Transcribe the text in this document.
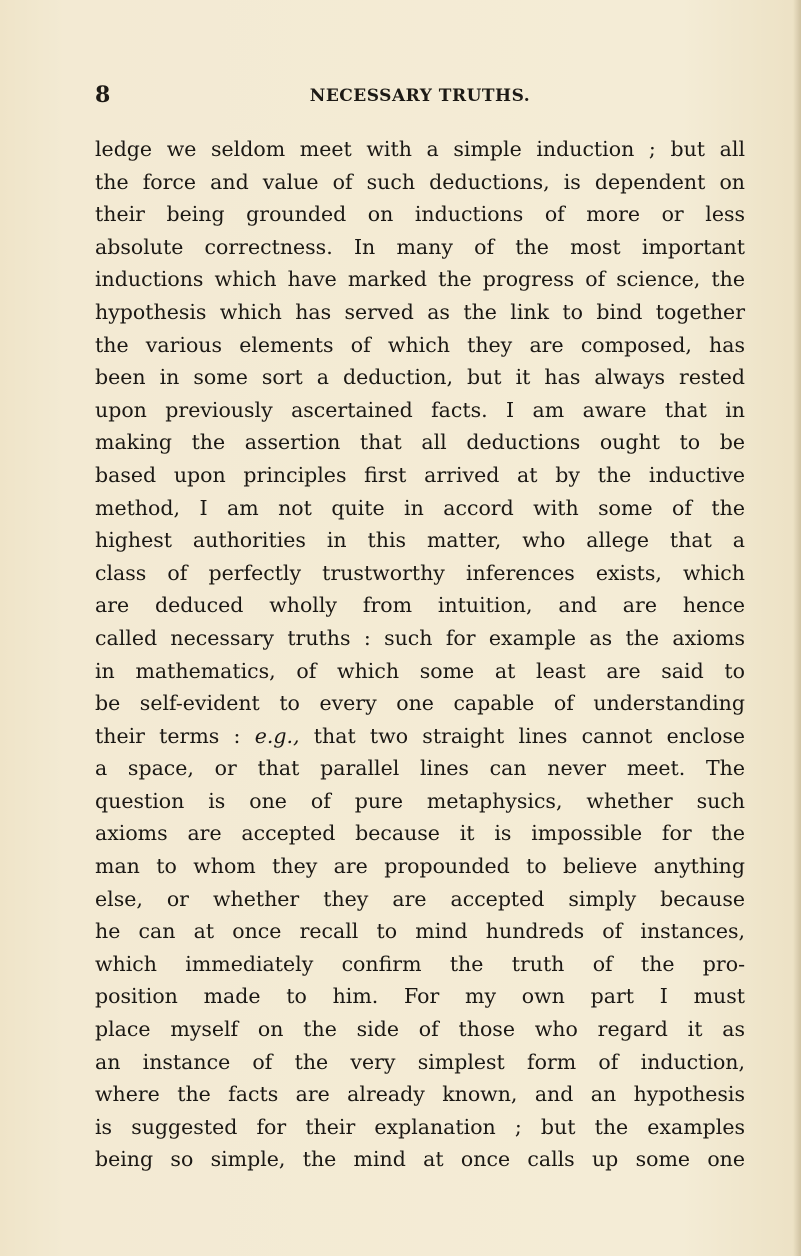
8	NECESSARY TRUTHS.
ledge we seldom meet with a simple induction ; but all
the force and value of such deductions, is dependent on
their being grounded on inductions of more or less
absolute correctness. In many of the most important
inductions which have marked the progress of science, the
hypothesis which has served as the link to bind together
the various elements of which they are composed, has
been in some sort a deduction, but it has always rested
upon previously ascertained facts. I am aware that in
making the assertion that all deductions ought to be
based upon principles first arrived at by the inductive
method, I am not quite in accord with some of the
highest authorities in this matter, who allege that a
class of perfectly trustworthy inferences exists, which
are deduced wholly from intuition, and are hence
called necessary truths : such for example as the axioms
in mathematics, of which some at least are said to
be self-evident to every one capable of understanding
their terms : e.g., that two straight lines cannot enclose
a space, or that parallel lines can never meet. The
question is one of pure metaphysics, whether such
axioms are accepted because it is impossible for the
man to whom they are propounded to believe anything
else, or whether they are accepted simply because
he can at once recall to mind hundreds of instances,
which immediately confirm the truth of the pro-
position made to him. For my own part I must
place myself on the side of those who regard it as
an instance of the very simplest form of induction,
where the facts are already known, and an hypothesis
is suggested for their explanation ; but the examples
being so simple, the mind at once calls up some one
